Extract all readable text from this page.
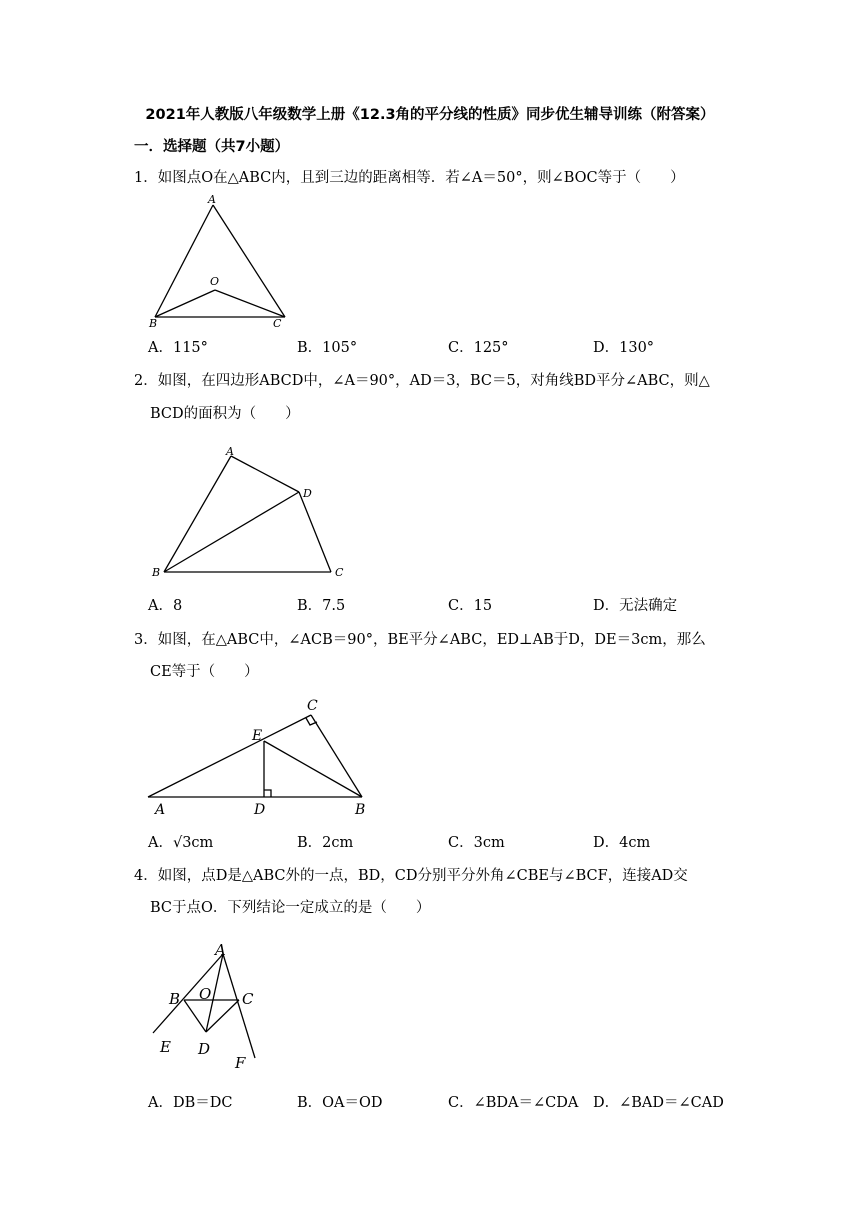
2021年人教版八年级数学上册《12.3角的平分线的性质》同步优生辅导训练（附答案）
一．选择题（共7小题）
1．如图点O在△ABC内，且到三边的距离相等．若∠A＝50°，则∠BOC等于（　　）
A
O
B	C
A．115°	B．105°	C．125°	D．130°
2．如图，在四边形ABCD中，∠A＝90°，AD＝3，BC＝5，对角线BD平分∠ABC，则△
BCD的面积为（　　）
A
D
B	C
A．8	B．7.5	C．15	D．无法确定
3．如图，在△ABC中，∠ACB＝90°，BE平分∠ABC，ED⊥AB于D，DE＝3cm，那么
CE等于（　　）
C
E
A	D	B
A．√3cm	B．2cm	C．3cm	D．4cm
4．如图，点D是△ABC外的一点，BD，CD分别平分外角∠CBE与∠BCF，连接AD交
BC于点O．下列结论一定成立的是（　　）
A
B O C
E D
F
A．DB＝DC	B．OA＝OD	C．∠BDA＝∠CDA D．∠BAD＝∠CAD
